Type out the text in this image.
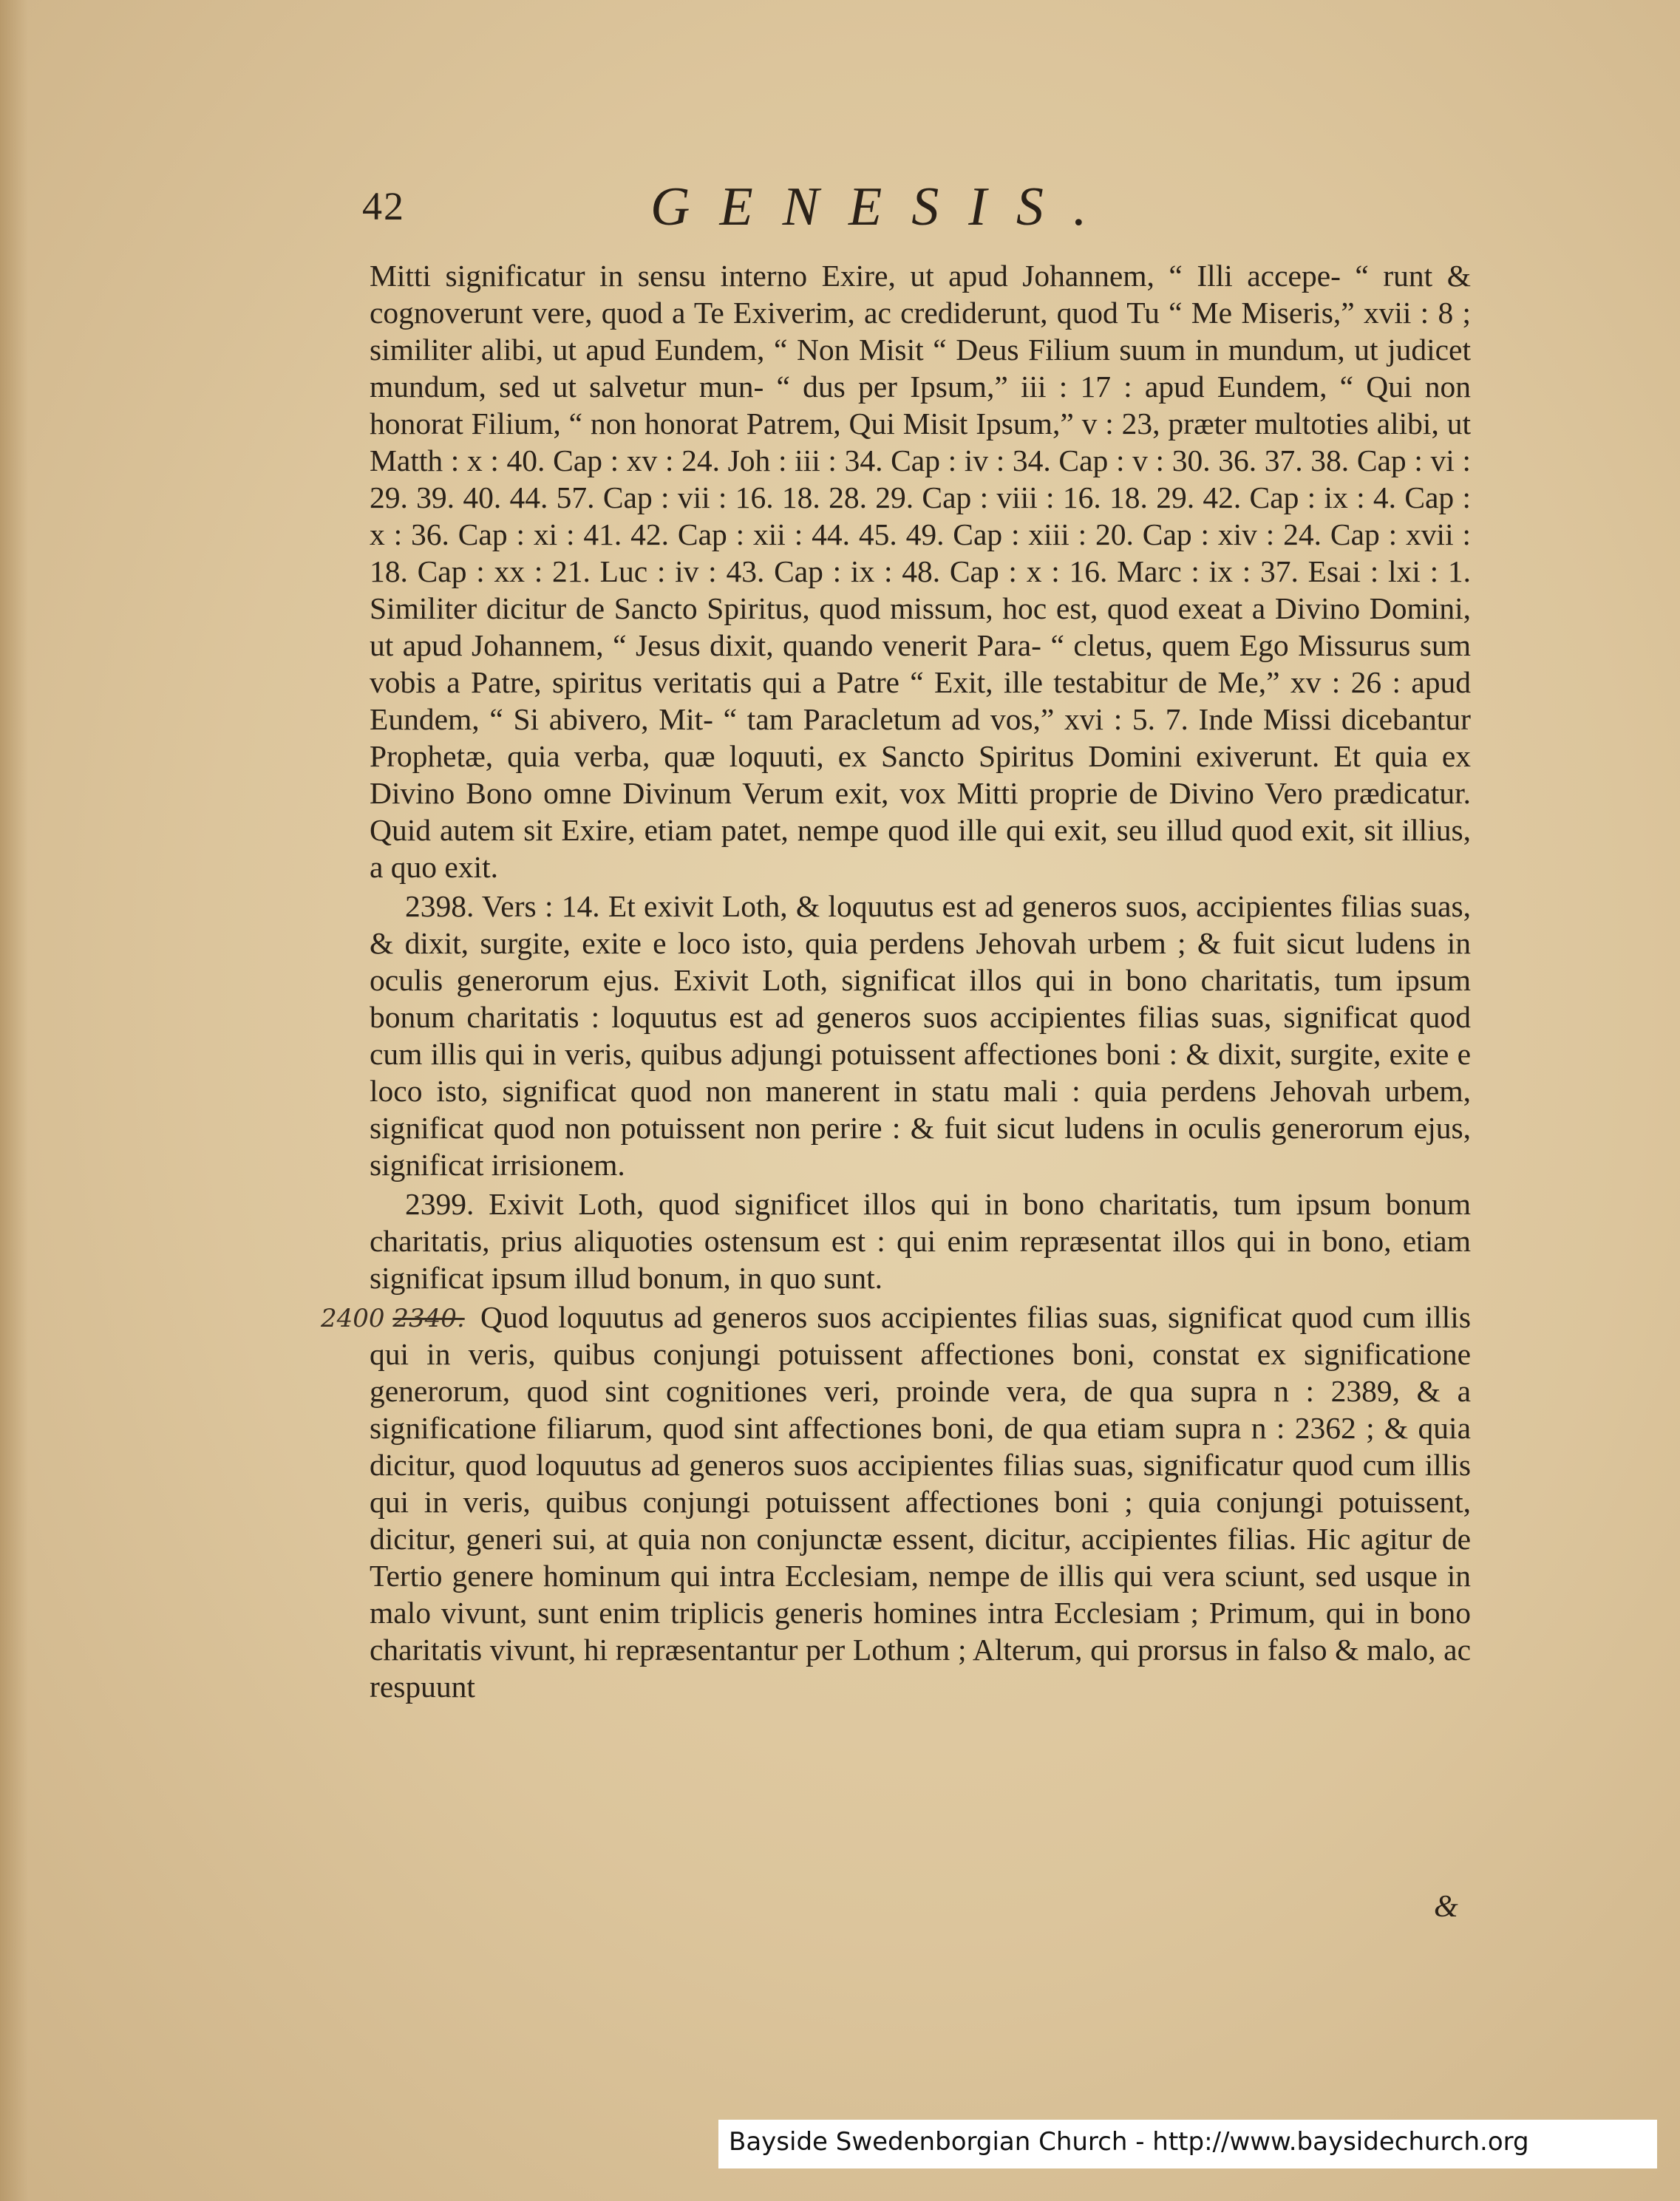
42	GENESIS.

Mitti significatur in sensu interno Exire, ut apud Johannem, “ Illi accepe- “ runt & cognoverunt vere, quod a Te Exiverim, ac crediderunt, quod Tu “ Me Miseris,” xvii : 8 ; similiter alibi, ut apud Eundem, “ Non Misit “ Deus Filium suum in mundum, ut judicet mundum, sed ut salvetur mun- “ dus per Ipsum,” iii : 17 : apud Eundem, “ Qui non honorat Filium, “ non honorat Patrem, Qui Misit Ipsum,” v : 23, præter multoties alibi, ut Matth : x : 40. Cap : xv : 24. Joh : iii : 34. Cap : iv : 34. Cap : v : 30. 36. 37. 38. Cap : vi : 29. 39. 40. 44. 57. Cap : vii : 16. 18. 28. 29. Cap : viii : 16. 18. 29. 42. Cap : ix : 4. Cap : x : 36. Cap : xi : 41. 42. Cap : xii : 44. 45. 49. Cap : xiii : 20. Cap : xiv : 24. Cap : xvii : 18. Cap : xx : 21. Luc : iv : 43. Cap : ix : 48. Cap : x : 16. Marc : ix : 37. Esai : lxi : 1. Similiter dicitur de Sancto Spiritus, quod missum, hoc est, quod exeat a Divino Domini, ut apud Johannem, “ Jesus dixit, quando venerit Para- “ cletus, quem Ego Missurus sum vobis a Patre, spiritus veritatis qui a Patre “ Exit, ille testabitur de Me,” xv : 26 : apud Eundem, “ Si abivero, Mit- “ tam Paracletum ad vos,” xvi : 5. 7. Inde Missi dicebantur Prophetæ, quia verba, quæ loquuti, ex Sancto Spiritus Domini exiverunt. Et quia ex Divino Bono omne Divinum Verum exit, vox Mitti proprie de Divino Vero prædicatur. Quid autem sit Exire, etiam patet, nempe quod ille qui exit, seu illud quod exit, sit illius, a quo exit.

2398. Vers : 14. Et exivit Loth, & loquutus est ad generos suos, accipientes filias suas, & dixit, surgite, exite e loco isto, quia perdens Jehovah urbem ; & fuit sicut ludens in oculis generorum ejus. Exivit Loth, significat illos qui in bono charitatis, tum ipsum bonum charitatis : loquutus est ad generos suos accipientes filias suas, significat quod cum illis qui in veris, quibus adjungi potuissent affectiones boni : & dixit, surgite, exite e loco isto, significat quod non manerent in statu mali : quia perdens Jehovah urbem, significat quod non potuissent non perire : & fuit sicut ludens in oculis generorum ejus, significat irrisionem.

2399. Exivit Loth, quod significet illos qui in bono charitatis, tum ipsum bonum charitatis, prius aliquoties ostensum est : qui enim repræsentat illos qui in bono, etiam significat ipsum illud bonum, in quo sunt.

2400 2340. Quod loquutus ad generos suos accipientes filias suas, significat quod cum illis qui in veris, quibus conjungi potuissent affectiones boni, constat ex significatione generorum, quod sint cognitiones veri, proinde vera, de qua supra n : 2389, & a significatione filiarum, quod sint affectiones boni, de qua etiam supra n : 2362 ; & quia dicitur, quod loquutus ad generos suos accipientes filias suas, significatur quod cum illis qui in veris, quibus conjungi potuissent affectiones boni ; quia conjungi potuissent, dicitur, generi sui, at quia non conjunctæ essent, dicitur, accipientes filias. Hic agitur de Tertio genere hominum qui intra Ecclesiam, nempe de illis qui vera sciunt, sed usque in malo vivunt, sunt enim triplicis generis homines intra Ecclesiam ; Primum, qui in bono charitatis vivunt, hi repræsentantur per Lothum ; Alterum, qui prorsus in falso & malo, ac respuunt

&
Bayside Swedenborgian Church - http://www.baysidechurch.org
